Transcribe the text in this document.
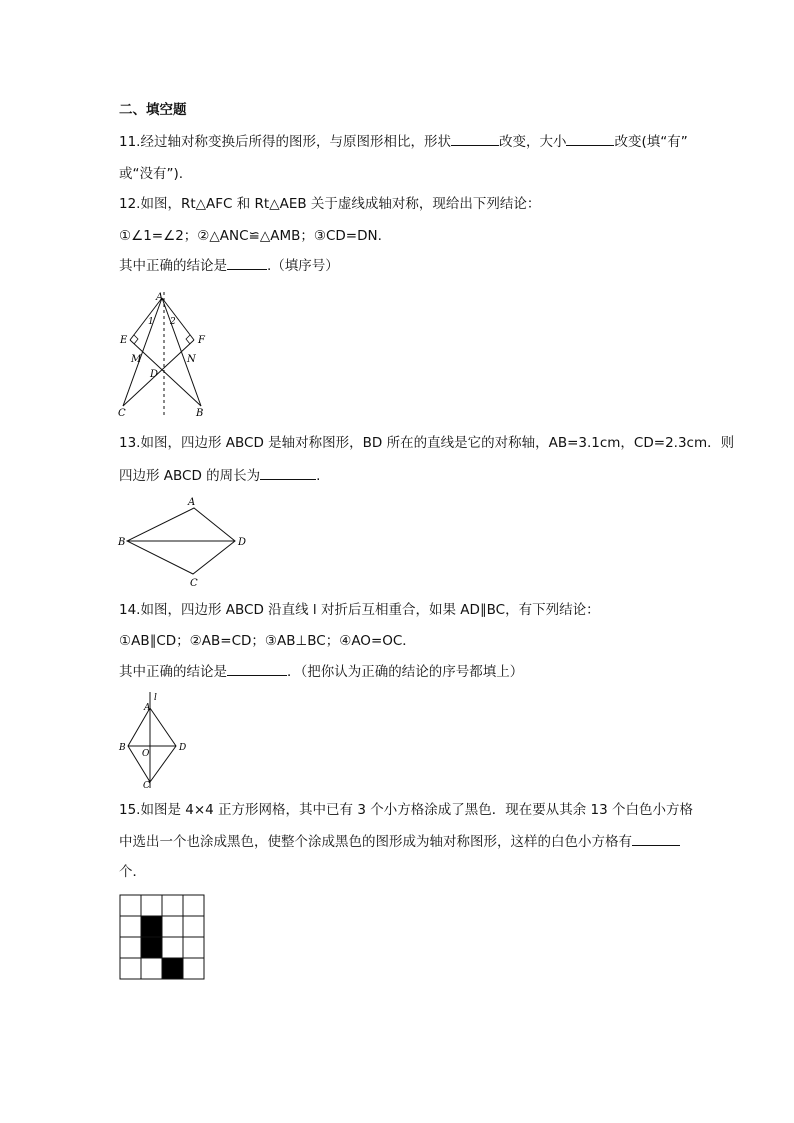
二、填空题
11.经过轴对称变换后所得的图形，与原图形相比，形状	改变，大小	改变(填“有”
或“没有”).
12.如图，Rt△AFC 和 Rt△AEB 关于虚线成轴对称，现给出下列结论：
①∠1=∠2；②△ANC≌△AMB；③CD=DN.
其中正确的结论是	.（填序号）
A
E	F
M	N
D
C	B
1 2
13.如图，四边形 ABCD 是轴对称图形，BD 所在的直线是它的对称轴，AB=3.1cm，CD=2.3cm．则
四边形 ABCD 的周长为	.
A
B
C
D
14.如图，四边形 ABCD 沿直线 l 对折后互相重合，如果 AD∥BC，有下列结论：
①AB∥CD；②AB=CD；③AB⊥BC；④AO=OC．
其中正确的结论是	．（把你认为正确的结论的序号都填上）
l
A
B
O
D
C
15.如图是 4×4 正方形网格，其中已有 3 个小方格涂成了黑色．现在要从其余 13 个白色小方格
中选出一个也涂成黑色，使整个涂成黑色的图形成为轴对称图形，这样的白色小方格有
个．
